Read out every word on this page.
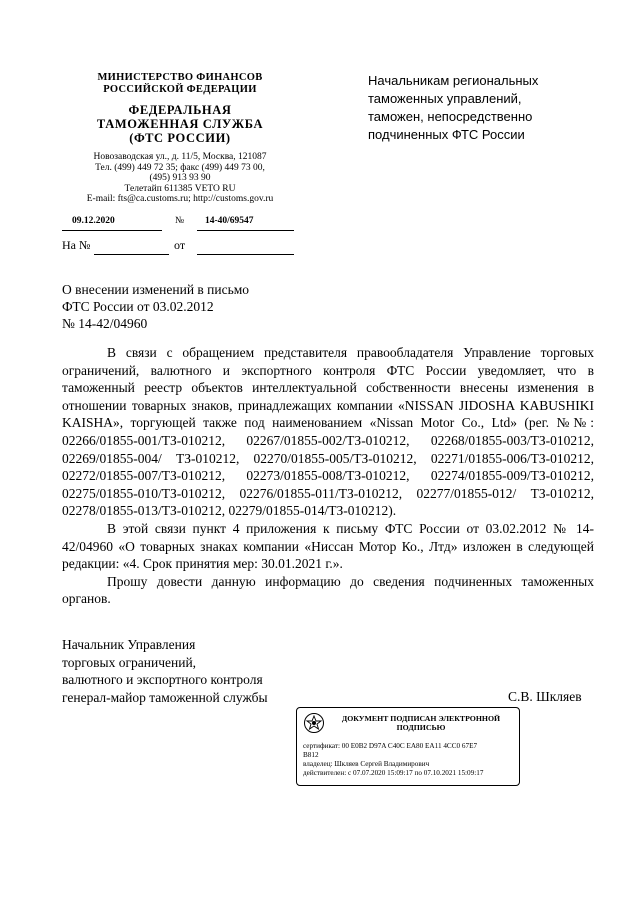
МИНИСТЕРСТВО ФИНАНСОВ
РОССИЙСКОЙ ФЕДЕРАЦИИ
ФЕДЕРАЛЬНАЯ
ТАМОЖЕННАЯ СЛУЖБА
(ФТС РОССИИ)
Новозаводская ул., д. 11/5, Москва, 121087
Тел. (499) 449 72 35; факс (499) 449 73 00,
(495) 913 93 90
Телетайп 611385 VETO RU
E-mail: fts@ca.customs.ru; http://customs.gov.ru
09.12.2020	№ 14-40/69547
На №	от
Начальникам региональных
таможенных управлений,
таможен, непосредственно
подчиненных ФТС России
О внесении изменений в письмо
ФТС России от 03.02.2012
№ 14-42/04960

В связи с обращением представителя правообладателя Управление торговых ограничений, валютного и экспортного контроля ФТС России уведомляет, что в таможенный реестр объектов интеллектуальной собственности внесены изменения в отношении товарных знаков, принадлежащих компании «NISSAN JIDOSHA KABUSHIKI KAISHA», торгующей также под наименованием «Nissan Motor Co., Ltd» (рег. №№: 02266/01855-001/ТЗ-010212, 02267/01855-002/ТЗ-010212, 02268/01855-003/ТЗ-010212, 02269/01855-004/ ТЗ-010212, 02270/01855-005/ТЗ-010212, 02271/01855-006/ТЗ-010212, 02272/01855-007/ТЗ-010212, 02273/01855-008/ТЗ-010212, 02274/01855-009/ТЗ-010212, 02275/01855-010/ТЗ-010212, 02276/01855-011/ТЗ-010212, 02277/01855-012/ ТЗ-010212, 02278/01855-013/ТЗ-010212, 02279/01855-014/ТЗ-010212).

В этой связи пункт 4 приложения к письму ФТС России от 03.02.2012 № 14-42/04960 «О товарных знаках компании «Ниссан Мотор Ко., Лтд» изложен в следующей редакции: «4. Срок принятия мер: 30.01.2021 г.».

Прошу довести данную информацию до сведения подчиненных таможенных органов.

Начальник Управления
торговых ограничений,
валютного и экспортного контроля
генерал-майор таможенной службы	С.В. Шкляев
ДОКУМЕНТ ПОДПИСАН ЭЛЕКТРОННОЙ ПОДПИСЬЮ
сертификат: 00 E0B2 D97A C40C EA80 EA11 4CC0 67E7
B812
владелец: Шкляев Сергей Владимирович
действителен: с 07.07.2020 15:09:17 по 07.10.2021 15:09:17
